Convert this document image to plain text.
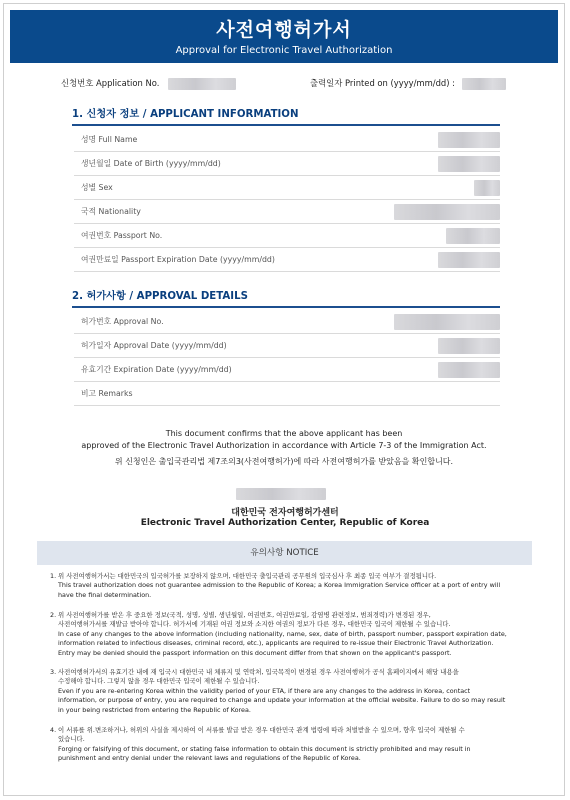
사전여행허가서
Approval for Electronic Travel Authorization
신청번호 Application No.	출력일자 Printed on (yyyy/mm/dd) :
1. 신청자 정보 / APPLICANT INFORMATION
성명 Full Name
생년월일 Date of Birth (yyyy/mm/dd)
성별 Sex
국적 Nationality
여권번호 Passport No.
여권만료일 Passport Expiration Date (yyyy/mm/dd)
2. 허가사항 / APPROVAL DETAILS
허가번호 Approval No.
허가일자 Approval Date (yyyy/mm/dd)
유효기간 Expiration Date (yyyy/mm/dd)
비고 Remarks
This document confirms that the above applicant has been
approved of the Electronic Travel Authorization in accordance with Article 7-3 of the Immigration Act.
위 신청인은 출입국관리법 제7조의3(사전여행허가)에 따라 사전여행허가를 받았음을 확인합니다.
대한민국 전자여행허가센터
Electronic Travel Authorization Center, Republic of Korea
유의사항 NOTICE
1. 위 사전여행허가서는 대한민국의 입국허가를 보장하지 않으며, 대한민국 출입국관리 공무원의 입국심사 후 최종 입국 여부가 결정됩니다.

This travel authorization does not guarantee admission to the Republic of Korea; a Korea Immigration Service officer at a port of entry will

have the final determination.

2. 위 사전여행허가를 받은 후 중요한 정보(국적, 성명, 성별, 생년월일, 여권번호, 여권만료일, 감염병 관련정보, 범죄경력)가 변경된 경우,

사전여행허가서를 재발급 받아야 합니다. 허가서에 기재된 여권 정보와 소지한 여권의 정보가 다른 경우, 대한민국 입국이 제한될 수 있습니다.

In case of any changes to the above information (including nationality, name, sex, date of birth, passport number, passport expiration date,

information related to infectious diseases, criminal record, etc.), applicants are required to re-issue their Electronic Travel Authorization.

Entry may be denied should the passport information on this document differ from that shown on the applicant's passport.

3. 사전여행허가서의 유효기간 내에 재 입국시 대한민국 내 체류지 및 연락처, 입국목적이 변경된 경우 사전여행허가 공식 홈페이지에서 해당 내용을

수정해야 합니다. 그렇지 않을 경우 대한민국 입국이 제한될 수 있습니다.

Even if you are re-entering Korea within the validity period of your ETA, if there are any changes to the address in Korea, contact

information, or purpose of entry, you are required to change and update your information at the official website. Failure to do so may result

in your being restricted from entering the Republic of Korea.

4. 이 서류를 위.변조하거나, 허위의 사실을 제시하여 이 서류를 발급 받은 경우 대한민국 관계 법령에 따라 처벌받을 수 있으며, 향후 입국이 제한될 수

있습니다.

Forging or falsifying of this document, or stating false information to obtain this document is strictly prohibited and may result in

punishment and entry denial under the relevant laws and regulations of the Republic of Korea.
